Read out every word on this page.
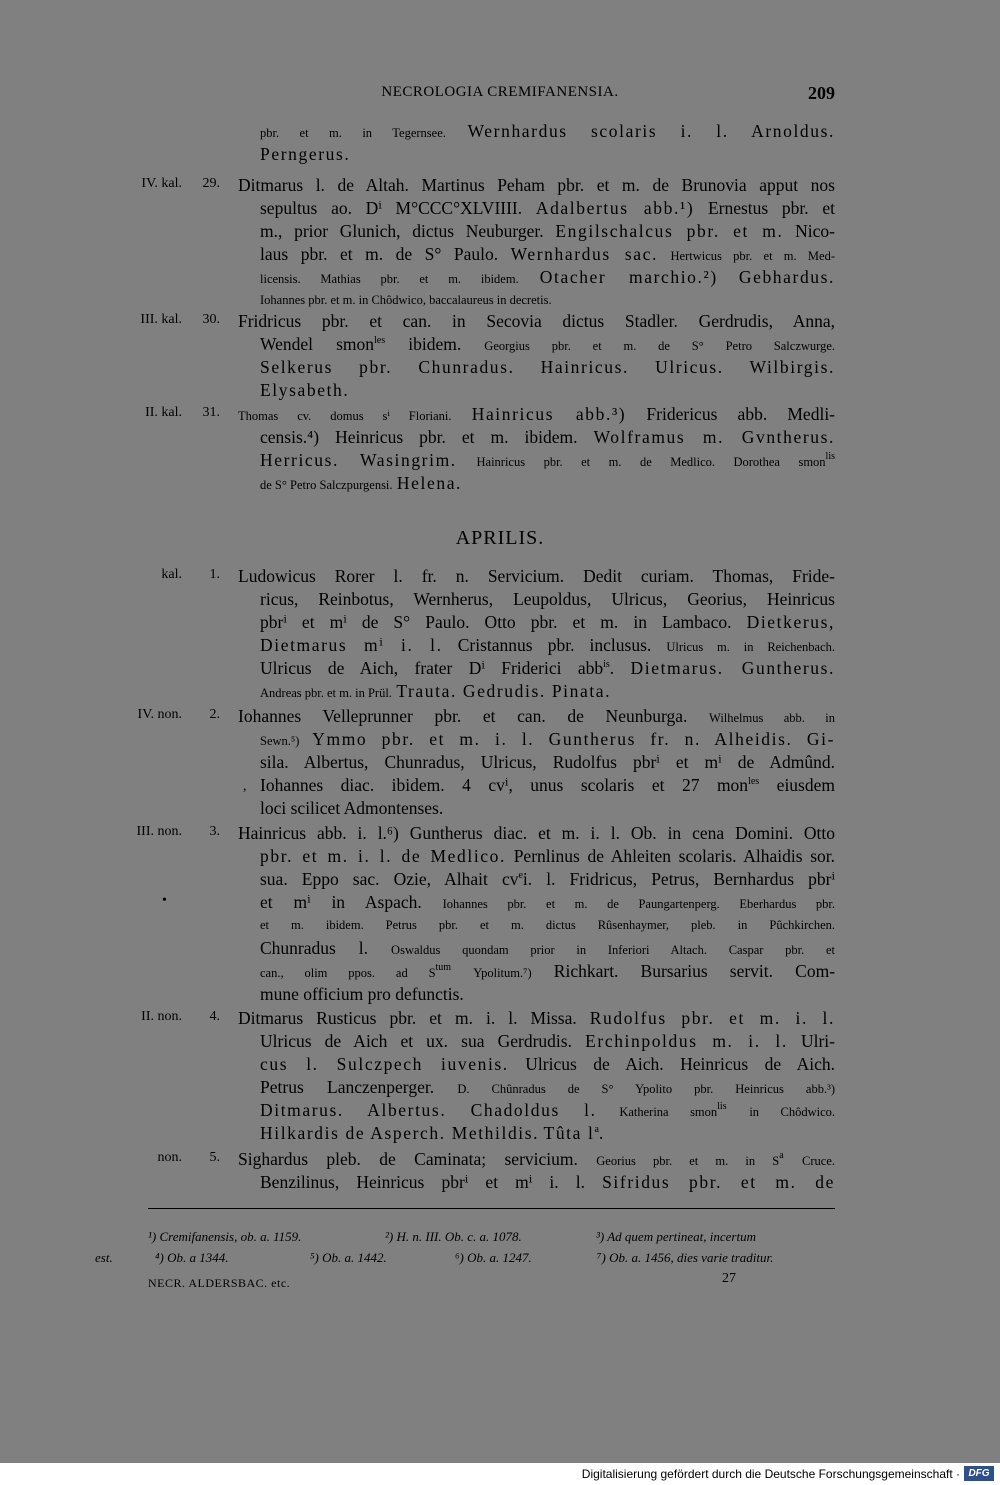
NECROLOGIA CREMIFANENSIA.	209
pbr. et m. in Tegernsee. Wernhardus scolaris i. l. Arnoldus.
Perngerus.
IV. kal.	29. Ditmarus l. de Altah. Martinus Peham pbr. et m. de Brunovia apput nos
sepultus ao. Dⁱ M°CCC°XLVIIII. Adalbertus abb.¹) Ernestus pbr. et
m., prior Glunich, dictus Neuburger. Engilschalcus pbr. et m. Nico-
laus pbr. et m. de S° Paulo. Wernhardus sac. Hertwicus pbr. et m. Med-
licensis. Mathias pbr. et m. ibidem. Otacher marchio.²) Gebhardus.
Iohannes pbr. et m. in Chôdwico, baccalaureus in decretis.
III. kal.	30. Fridricus pbr. et can. in Secovia dictus Stadler. Gerdrudis, Anna,
Wendel smon$^{les}$ ibidem. Georgius pbr. et m. de S° Petro Salczwurge.
Selkerus pbr. Chunradus. Hainricus. Ulricus. Wilbirgis.
Elysabeth.
II. kal.	31. Thomas cv. domus sⁱ Floriani. Hainricus abb.³) Fridericus abb. Medli-
censis.⁴) Heinricus pbr. et m. ibidem. Wolframus m. Gvntherus.
Herricus. Wasingrim. Hainricus pbr. et m. de Medlico. Dorothea smon$^{lis}$
de S° Petro Salczpurgensi. Helena.
APRILIS.
kal.	1. Ludowicus Rorer l. fr. n. Servicium. Dedit curiam. Thomas, Fride-
ricus, Reinbotus, Wernherus, Leupoldus, Ulricus, Georius, Heinricus
pbrⁱ et mⁱ de S° Paulo. Otto pbr. et m. in Lambaco. Dietkerus,
Dietmarus mⁱ i. l. Cristannus pbr. inclusus. Ulricus m. in Reichenbach.
Ulricus de Aich, frater Dⁱ Friderici abb$^{is}$. Dietmarus. Guntherus.
Andreas pbr. et m. in Prül. Trauta. Gedrudis. Pinata.
IV. non.	2. Iohannes Velleprunner pbr. et can. de Neunburga. Wilhelmus abb. in
Sewn.⁵) Ymmo pbr. et m. i. l. Guntherus fr. n. Alheidis. Gi-
sila. Albertus, Chunradus, Ulricus, Rudolfus pbrⁱ et mⁱ de Admûnd.
Iohannes diac. ibidem. 4 cvⁱ, unus scolaris et 27 mon$^{les}$ eiusdem
loci scilicet Admontenses.
III. non.	3. Hainricus abb. i. l.⁶) Guntherus diac. et m. i. l. Ob. in cena Domini. Otto
pbr. et m. i. l. de Medlico. Pernlinus de Ahleiten scolaris. Alhaidis sor.
sua. Eppo sac. Ozie, Alhait $cv^ei$. l. Fridricus, Petrus, Bernhardus pbrⁱ
et mⁱ in Aspach. Iohannes pbr. et m. de Paungartenperg. Eberhardus pbr.
et m. ibidem. Petrus pbr. et m. dictus Rûsenhaymer, pleb. in Pûchkirchen.
Chunradus l. Oswaldus quondam prior in Inferiori Altach. Caspar pbr. et
can., olim ppos. ad $S^{tum}$ Ypolitum.⁷) Richkart. Bursarius servit. Com-
mune officium pro defunctis.
II. non.	4. Ditmarus Rusticus pbr. et m. i. l. Missa. Rudolfus pbr. et m. i. l.
Ulricus de Aich et ux. sua Gerdrudis. Erchinpoldus m. i. l. Ulri-
cus l. Sulczpech iuvenis. Ulricus de Aich. Heinricus de Aich.
Petrus Lanczenperger. D. Chûnradus de S° Ypolito pbr. Heinricus abb.³)
Ditmarus. Albertus. Chadoldus l. Katherina smon$^{lis}$ in Chôdwico.
Hilkardis de Asperch. Methildis. Tûta $l^a$.
non.	5. Sighardus pleb. de Caminata; servicium. Georius pbr. et m. in $S^a$ Cruce.
Benzilinus, Heinricus pbrⁱ et mⁱ i. l. Sifridus pbr. et m. de
¹) Cremifanensis, ob. a. 1159.	²) H. n. III. Ob. c. a. 1078.	³) Ad quem pertineat, incertum
est.	⁴) Ob. a 1344.	⁵) Ob. a. 1442.	⁶) Ob. a. 1247.	⁷) Ob. a. 1456, dies varie traditur.
NECR. ALDERSBAC. etc.	27
,
•
Digitalisierung gefördert durch die Deutsche Forschungsgemeinschaft · DFG
